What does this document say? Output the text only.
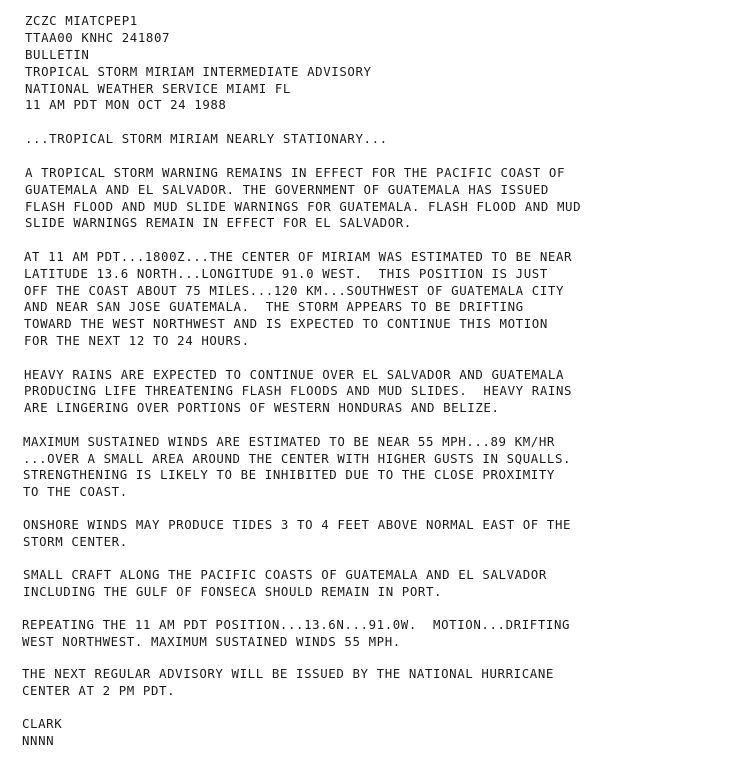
ZCZC MIATCPEP1

TTAA00 KNHC 241807

BULLETIN

TROPICAL STORM MIRIAM INTERMEDIATE ADVISORY

NATIONAL WEATHER SERVICE MIAMI FL

11 AM PDT MON OCT 24 1988

...TROPICAL STORM MIRIAM NEARLY STATIONARY...

A TROPICAL STORM WARNING REMAINS IN EFFECT FOR THE PACIFIC COAST OF

GUATEMALA AND EL SALVADOR. THE GOVERNMENT OF GUATEMALA HAS ISSUED

FLASH FLOOD AND MUD SLIDE WARNINGS FOR GUATEMALA. FLASH FLOOD AND MUD

SLIDE WARNINGS REMAIN IN EFFECT FOR EL SALVADOR.

AT 11 AM PDT...1800Z...THE CENTER OF MIRIAM WAS ESTIMATED TO BE NEAR

LATITUDE 13.6 NORTH...LONGITUDE 91.0 WEST.  THIS POSITION IS JUST

OFF THE COAST ABOUT 75 MILES...120 KM...SOUTHWEST OF GUATEMALA CITY

AND NEAR SAN JOSE GUATEMALA.  THE STORM APPEARS TO BE DRIFTING

TOWARD THE WEST NORTHWEST AND IS EXPECTED TO CONTINUE THIS MOTION

FOR THE NEXT 12 TO 24 HOURS.

HEAVY RAINS ARE EXPECTED TO CONTINUE OVER EL SALVADOR AND GUATEMALA

PRODUCING LIFE THREATENING FLASH FLOODS AND MUD SLIDES.  HEAVY RAINS

ARE LINGERING OVER PORTIONS OF WESTERN HONDURAS AND BELIZE.

MAXIMUM SUSTAINED WINDS ARE ESTIMATED TO BE NEAR 55 MPH...89 KM/HR

...OVER A SMALL AREA AROUND THE CENTER WITH HIGHER GUSTS IN SQUALLS.

STRENGTHENING IS LIKELY TO BE INHIBITED DUE TO THE CLOSE PROXIMITY

TO THE COAST.

ONSHORE WINDS MAY PRODUCE TIDES 3 TO 4 FEET ABOVE NORMAL EAST OF THE

STORM CENTER.

SMALL CRAFT ALONG THE PACIFIC COASTS OF GUATEMALA AND EL SALVADOR

INCLUDING THE GULF OF FONSECA SHOULD REMAIN IN PORT.

REPEATING THE 11 AM PDT POSITION...13.6N...91.0W.  MOTION...DRIFTING

WEST NORTHWEST. MAXIMUM SUSTAINED WINDS 55 MPH.

THE NEXT REGULAR ADVISORY WILL BE ISSUED BY THE NATIONAL HURRICANE

CENTER AT 2 PM PDT.

CLARK

NNNN
